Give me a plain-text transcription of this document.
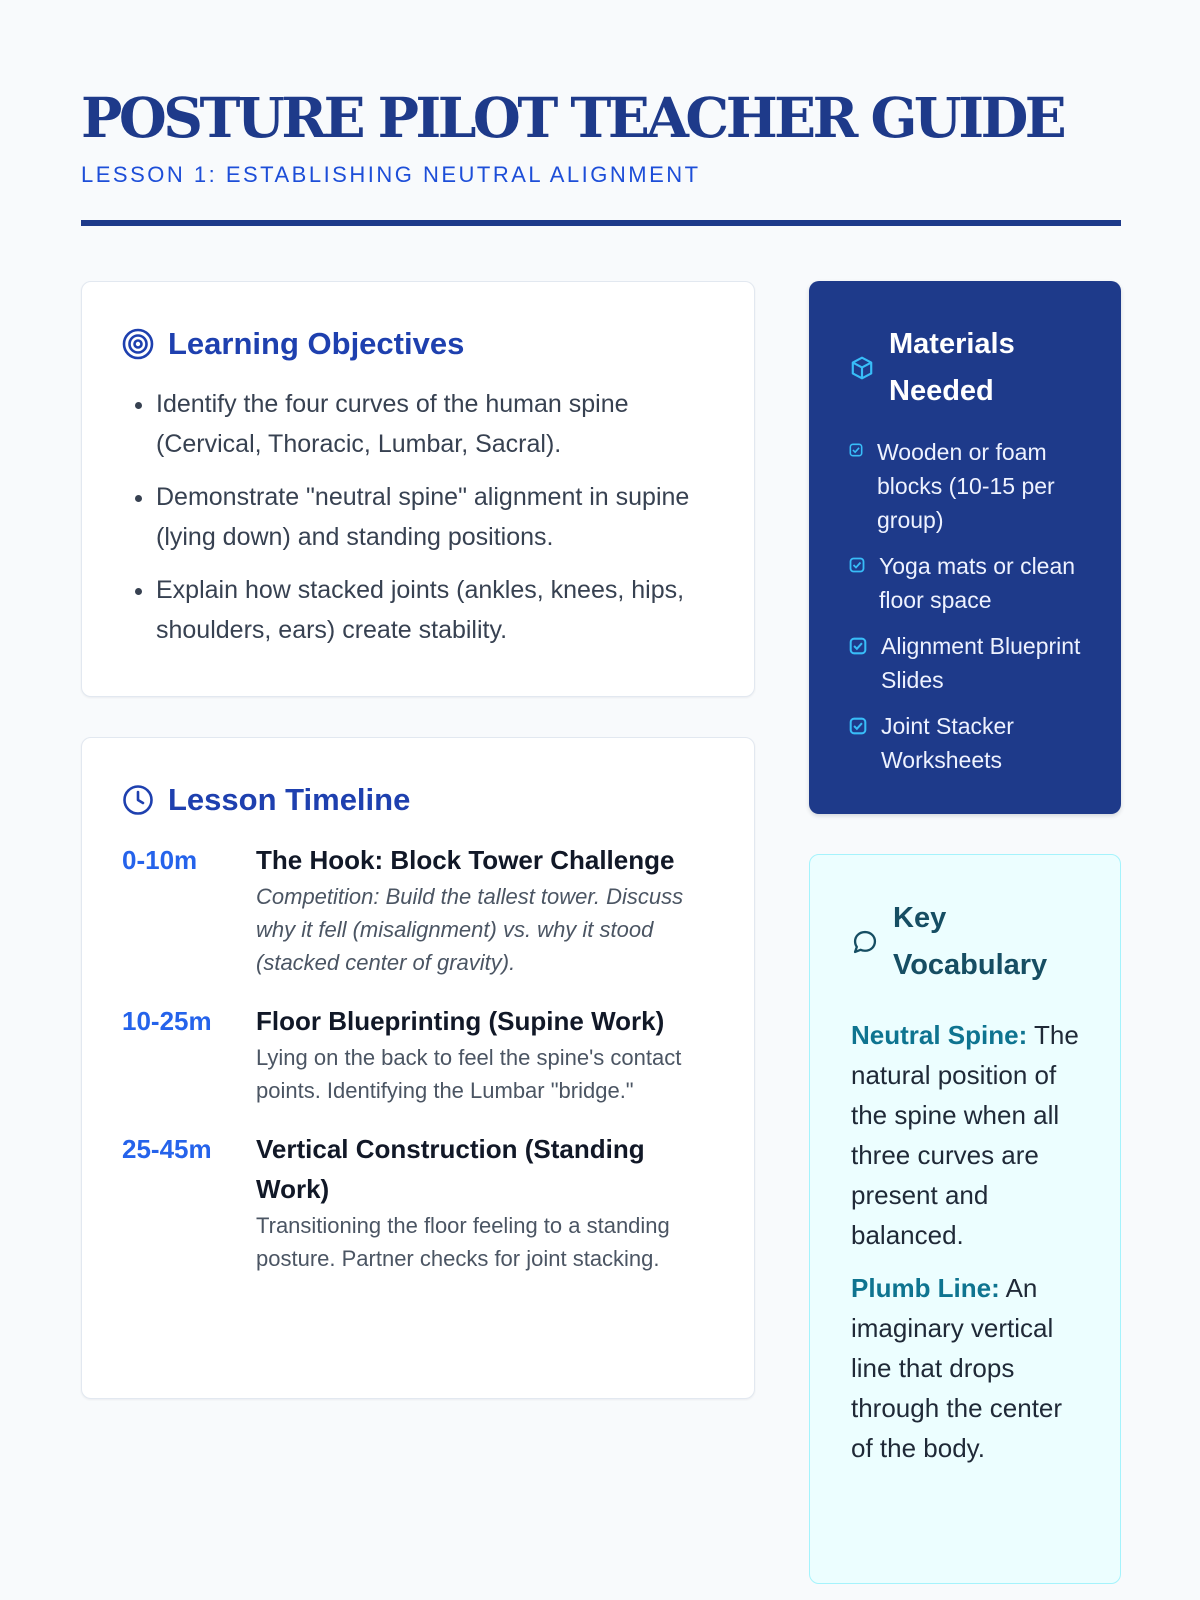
POSTURE PILOT TEACHER GUIDE
LESSON 1: ESTABLISHING NEUTRAL ALIGNMENT
Learning Objectives
• Identify the four curves of the human spine (Cervical, Thoracic, Lumbar, Sacral).
• Demonstrate "neutral spine" alignment in supine (lying down) and standing positions.
• Explain how stacked joints (ankles, knees, hips, shoulders, ears) create stability.
Lesson Timeline
0-10m	The Hook: Block Tower Challenge
Competition: Build the tallest tower. Discuss why it fell (misalignment) vs. why it stood (stacked center of gravity).
10-25m	Floor Blueprinting (Supine Work)
Lying on the back to feel the spine's contact points. Identifying the Lumbar "bridge."
25-45m	Vertical Construction (Standing Work)
Transitioning the floor feeling to a standing posture. Partner checks for joint stacking.
Materials Needed
Wooden or foam blocks (10-15 per group)
Yoga mats or clean floor space
Alignment Blueprint Slides
Joint Stacker Worksheets
Key Vocabulary
Neutral Spine: The natural position of the spine when all three curves are present and balanced.
Plumb Line: An imaginary vertical line that drops through the center of the body.
